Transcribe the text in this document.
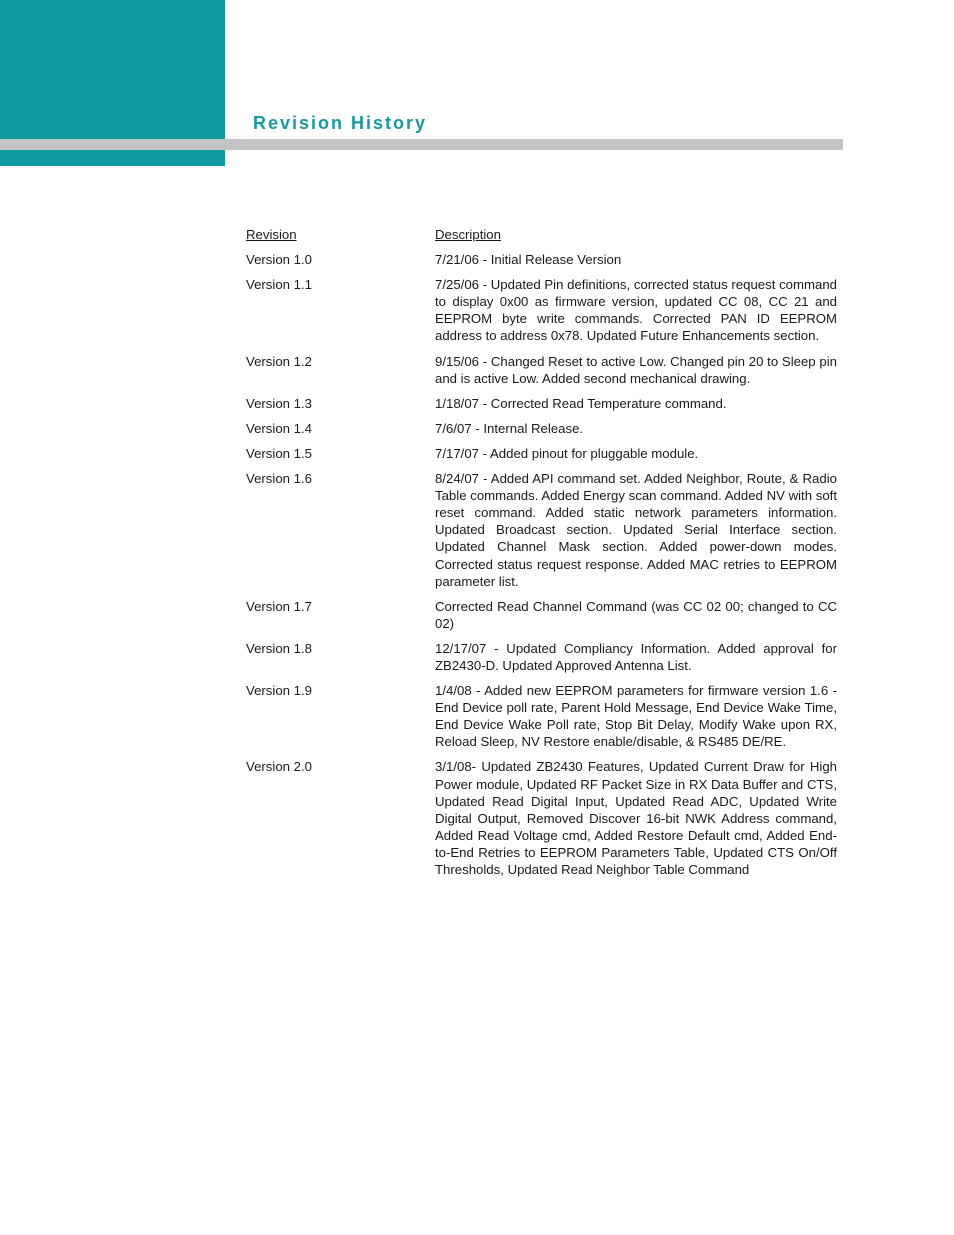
Revision History
Revision	Description
Version 1.0	7/21/06 - Initial Release Version
Version 1.1	7/25/06 - Updated Pin definitions, corrected status request command to display 0x00 as firmware version, updated CC 08, CC 21 and EEPROM byte write commands. Corrected PAN ID EEPROM address to address 0x78. Updated Future Enhancements section.
Version 1.2	9/15/06 - Changed Reset to active Low. Changed pin 20 to Sleep pin and is active Low. Added second mechanical drawing.
Version 1.3	1/18/07 - Corrected Read Temperature command.
Version 1.4	7/6/07 - Internal Release.
Version 1.5	7/17/07 - Added pinout for pluggable module.
Version 1.6	8/24/07 - Added API command set. Added Neighbor, Route, & Radio Table commands. Added Energy scan command. Added NV with soft reset command. Added static network parameters information. Updated Broadcast section. Updated Serial Interface section. Updated Channel Mask section. Added power-down modes. Corrected status request response. Added MAC retries to EEPROM parameter list.
Version 1.7	Corrected Read Channel Command (was CC 02 00; changed to CC 02)
Version 1.8	12/17/07 - Updated Compliancy Information. Added approval for ZB2430-D. Updated Approved Antenna List.
Version 1.9	1/4/08 - Added new EEPROM parameters for firmware version 1.6 - End Device poll rate, Parent Hold Message, End Device Wake Time, End Device Wake Poll rate, Stop Bit Delay, Modify Wake upon RX, Reload Sleep, NV Restore enable/disable, & RS485 DE/RE.
Version 2.0	3/1/08- Updated ZB2430 Features, Updated Current Draw for High Power module, Updated RF Packet Size in RX Data Buffer and CTS, Updated Read Digital Input, Updated Read ADC, Updated Write Digital Output, Removed Discover 16-bit NWK Address command, Added Read Voltage cmd, Added Restore Default cmd, Added End-to-End Retries to EEPROM Parameters Table, Updated CTS On/Off Thresholds, Updated Read Neighbor Table Command
